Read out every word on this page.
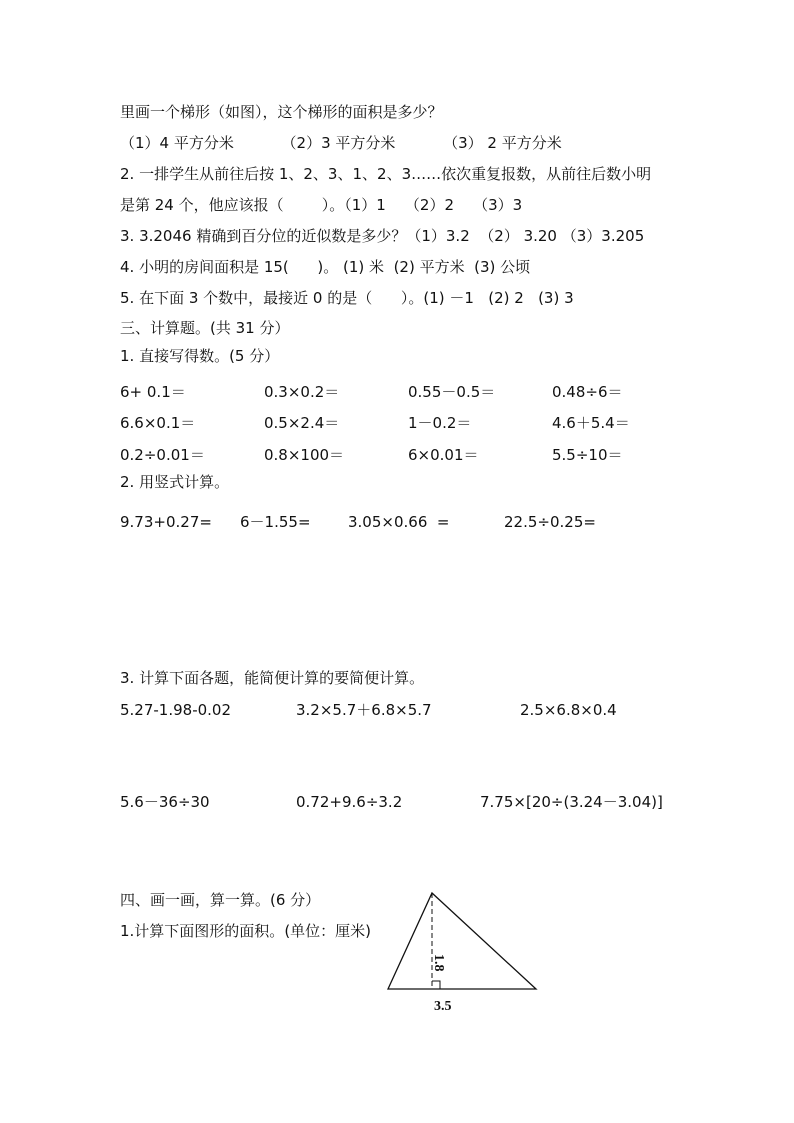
里画一个梯形（如图），这个梯形的面积是多少？
（1）4 平方分米          （2）3 平方分米          （3） 2 平方分米
2. 一排学生从前往后按 1、2、3、1、2、3……依次重复报数，从前往后数小明
是第 24 个，他应该报（        ）。（1）1    （2）2    （3）3
3. 3.2046 精确到百分位的近似数是多少？（1）3.2  （2） 3.20 （3）3.205
4. 小明的房间面积是 15(      )。 (1) 米  (2) 平方米  (3) 公顷
5. 在下面 3 个数中，最接近 0 的是（      ）。(1) －1   (2) 2   (3) 3
三、计算题。(共 31 分）
1. 直接写得数。(5 分）
6+ 0.1＝	0.3×0.2＝	0.55－0.5＝	0.48÷6＝
6.6×0.1＝	0.5×2.4＝	1－0.2＝	4.6＋5.4＝
0.2÷0.01＝	0.8×100＝	6×0.01＝	5.5÷10＝
2. 用竖式计算。
9.73+0.27= 6－1.55= 3.05×0.66  =	22.5÷0.25=
3. 计算下面各题，能简便计算的要简便计算。
5.27-1.98-0.02	3.2×5.7＋6.8×5.7	2.5×6.8×0.4
5.6－36÷30	0.72+9.6÷3.2	7.75×[20÷(3.24－3.04)]
四、画一画，算一算。(6 分）
1.计算下面图形的面积。(单位：厘米)
1.8
3.5
